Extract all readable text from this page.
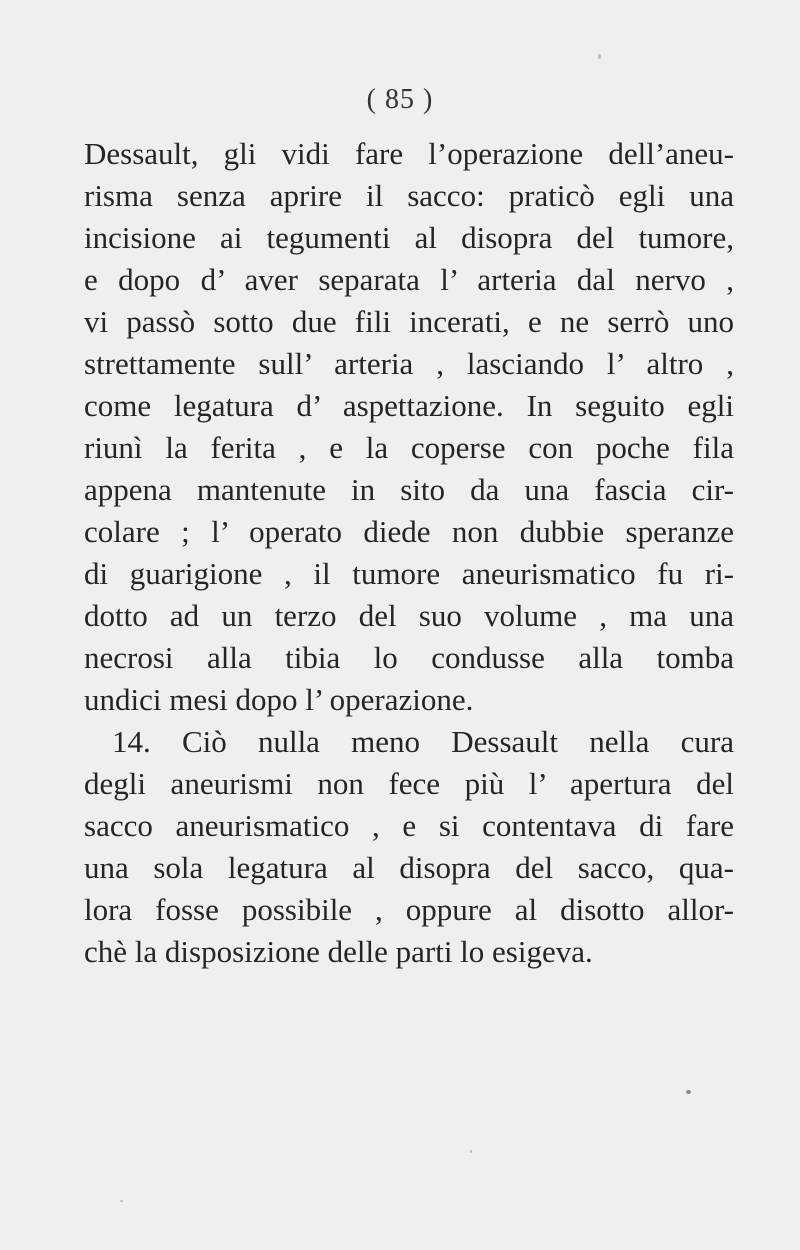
( 85 )
Dessault, gli vidi fare l’operazione dell’aneu-
risma senza aprire il sacco: praticò egli una
incisione ai tegumenti al disopra del tumore,
e dopo d’ aver separata l’ arteria dal nervo ,
vi passò sotto due fili incerati, e ne serrò uno
strettamente sull’ arteria , lasciando l’ altro ,
come legatura d’ aspettazione. In seguito egli
riunì la ferita , e la coperse con poche fila
appena mantenute in sito da una fascia cir-
colare ; l’ operato diede non dubbie speranze
di guarigione , il tumore aneurismatico fu ri-
dotto ad un terzo del suo volume , ma una
necrosi alla tibia lo condusse alla tomba
undici mesi dopo l’ operazione.
14. Ciò nulla meno Dessault nella cura
degli aneurismi non fece più l’ apertura del
sacco aneurismatico , e si contentava di fare
una sola legatura al disopra del sacco, qua-
lora fosse possibile , oppure al disotto allor-
chè la disposizione delle parti lo esigeva.
